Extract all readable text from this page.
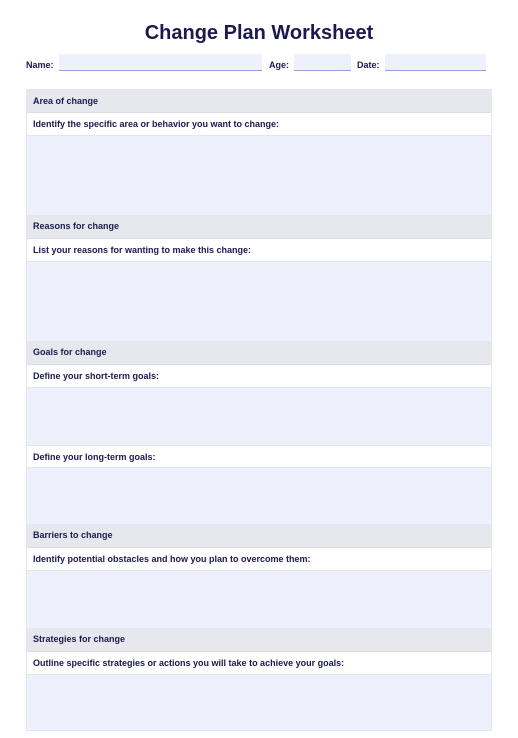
Change Plan Worksheet
Name:	Age:	Date:
Area of change
Identify the specific area or behavior you want to change:
Reasons for change
List your reasons for wanting to make this change:
Goals for change
Define your short-term goals:
Define your long-term goals:
Barriers to change
Identify potential obstacles and how you plan to overcome them:
Strategies for change
Outline specific strategies or actions you will take to achieve your goals:
